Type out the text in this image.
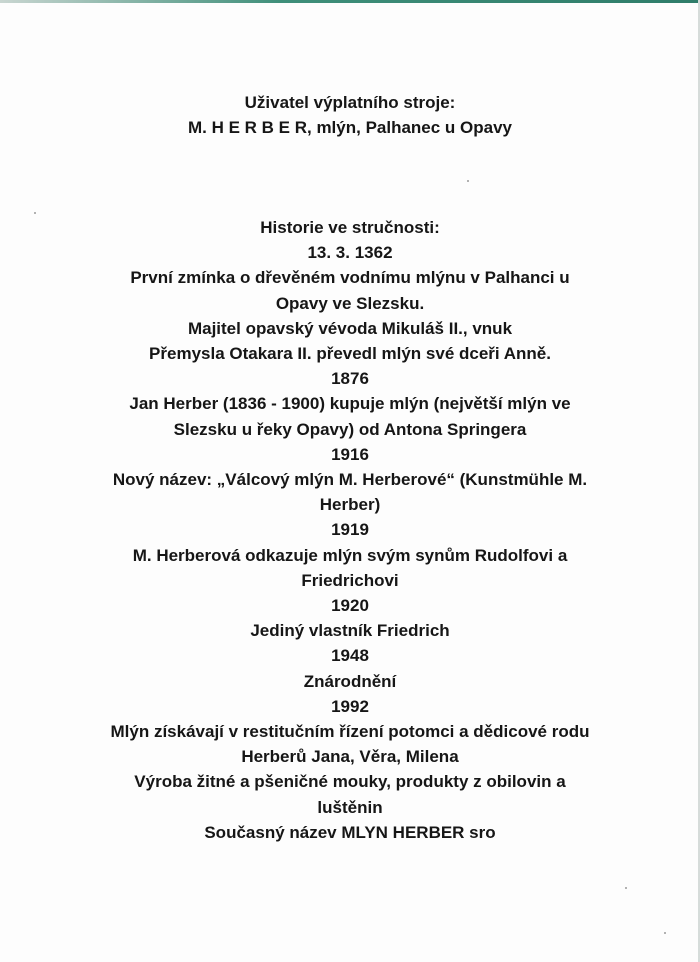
Uživatel výplatního stroje:
M. H E R B E R, mlýn, Palhanec u Opavy
Historie ve stručnosti:
13. 3. 1362
První zmínka o dřevěném vodnímu mlýnu v Palhanci u
Opavy ve Slezsku.
Majitel opavský vévoda Mikuláš II., vnuk
Přemysla Otakara II. převedl mlýn své dceři Anně.
1876
Jan Herber (1836 - 1900) kupuje mlýn (největší mlýn ve
Slezsku u řeky Opavy) od Antona Springera
1916
Nový název: „Válcový mlýn M. Herberové“ (Kunstmühle M.
Herber)
1919
M. Herberová odkazuje mlýn svým synům Rudolfovi a
Friedrichovi
1920
Jediný vlastník Friedrich
1948
Znárodnění
1992
Mlýn získávají v restitučním řízení potomci a dědicové rodu
Herberů Jana, Věra, Milena
Výroba žitné a pšeničné mouky, produkty z obilovin a
luštěnin
Současný název MLYN HERBER sro
